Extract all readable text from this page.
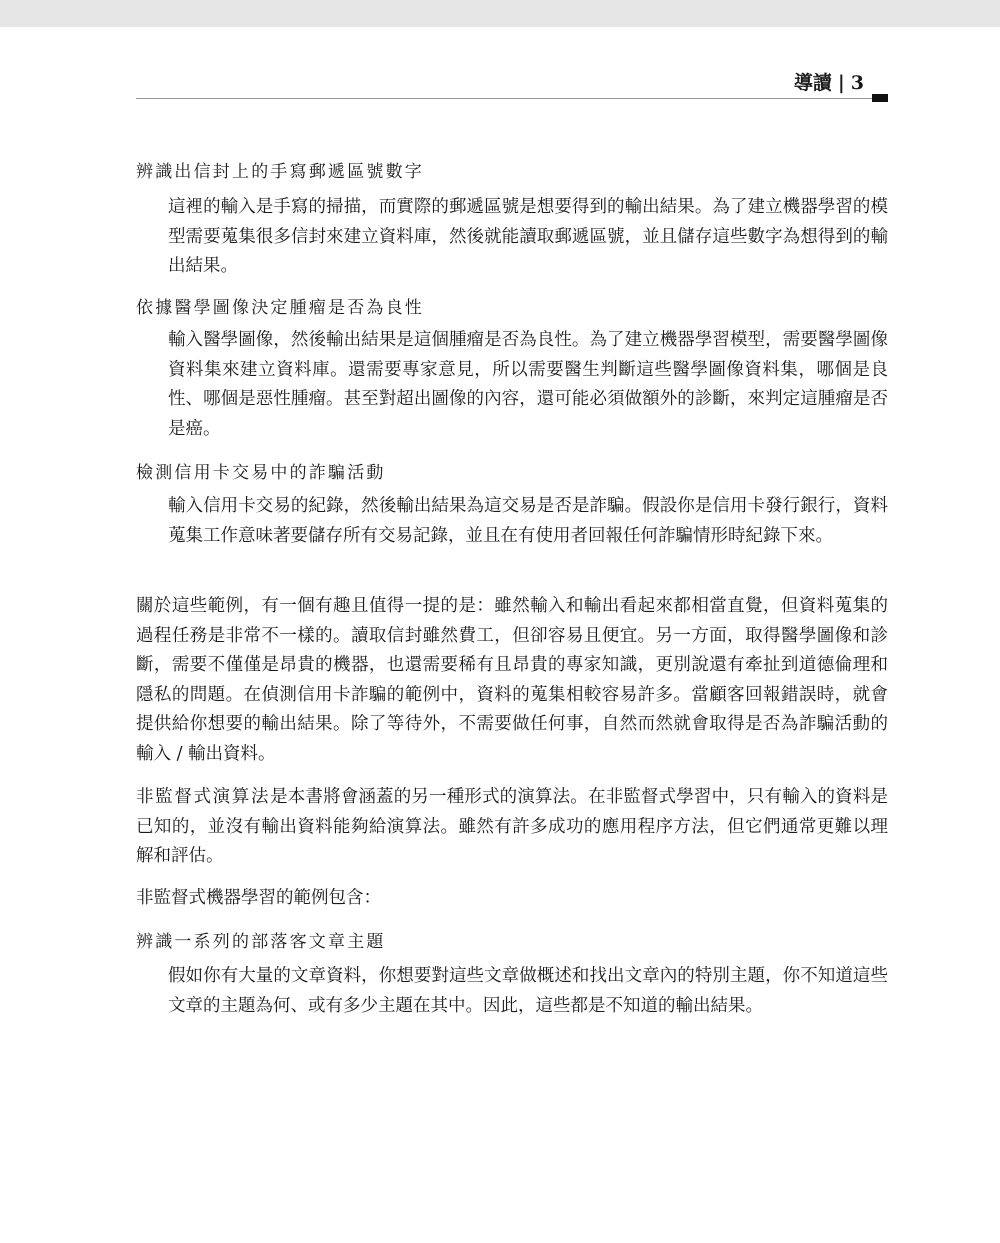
導讀 | 3
辨識出信封上的手寫郵遞區號數字
這裡的輸入是手寫的掃描，而實際的郵遞區號是想要得到的輸出結果。為了建立機器學習的模型需要蒐集很多信封來建立資料庫，然後就能讀取郵遞區號，並且儲存這些數字為想得到的輸出結果。
依據醫學圖像決定腫瘤是否為良性
輸入醫學圖像，然後輸出結果是這個腫瘤是否為良性。為了建立機器學習模型，需要醫學圖像資料集來建立資料庫。還需要專家意見，所以需要醫生判斷這些醫學圖像資料集，哪個是良性、哪個是惡性腫瘤。甚至對超出圖像的內容，還可能必須做額外的診斷，來判定這腫瘤是否是癌。
檢測信用卡交易中的詐騙活動
輸入信用卡交易的紀錄，然後輸出結果為這交易是否是詐騙。假設你是信用卡發行銀行，資料蒐集工作意味著要儲存所有交易記錄，並且在有使用者回報任何詐騙情形時紀錄下來。
關於這些範例，有一個有趣且值得一提的是：雖然輸入和輸出看起來都相當直覺，但資料蒐集的過程任務是非常不一樣的。讀取信封雖然費工，但卻容易且便宜。另一方面，取得醫學圖像和診斷，需要不僅僅是昂貴的機器，也還需要稀有且昂貴的專家知識，更別說還有牽扯到道德倫理和隱私的問題。在偵測信用卡詐騙的範例中，資料的蒐集相較容易許多。當顧客回報錯誤時，就會提供給你想要的輸出結果。除了等待外，不需要做任何事，自然而然就會取得是否為詐騙活動的輸入 / 輸出資料。
非監督式演算法是本書將會涵蓋的另一種形式的演算法。在非監督式學習中，只有輸入的資料是已知的，並沒有輸出資料能夠給演算法。雖然有許多成功的應用程序方法，但它們通常更難以理解和評估。
非監督式機器學習的範例包含：
辨識一系列的部落客文章主題
假如你有大量的文章資料，你想要對這些文章做概述和找出文章內的特別主題，你不知道這些文章的主題為何、或有多少主題在其中。因此，這些都是不知道的輸出結果。
